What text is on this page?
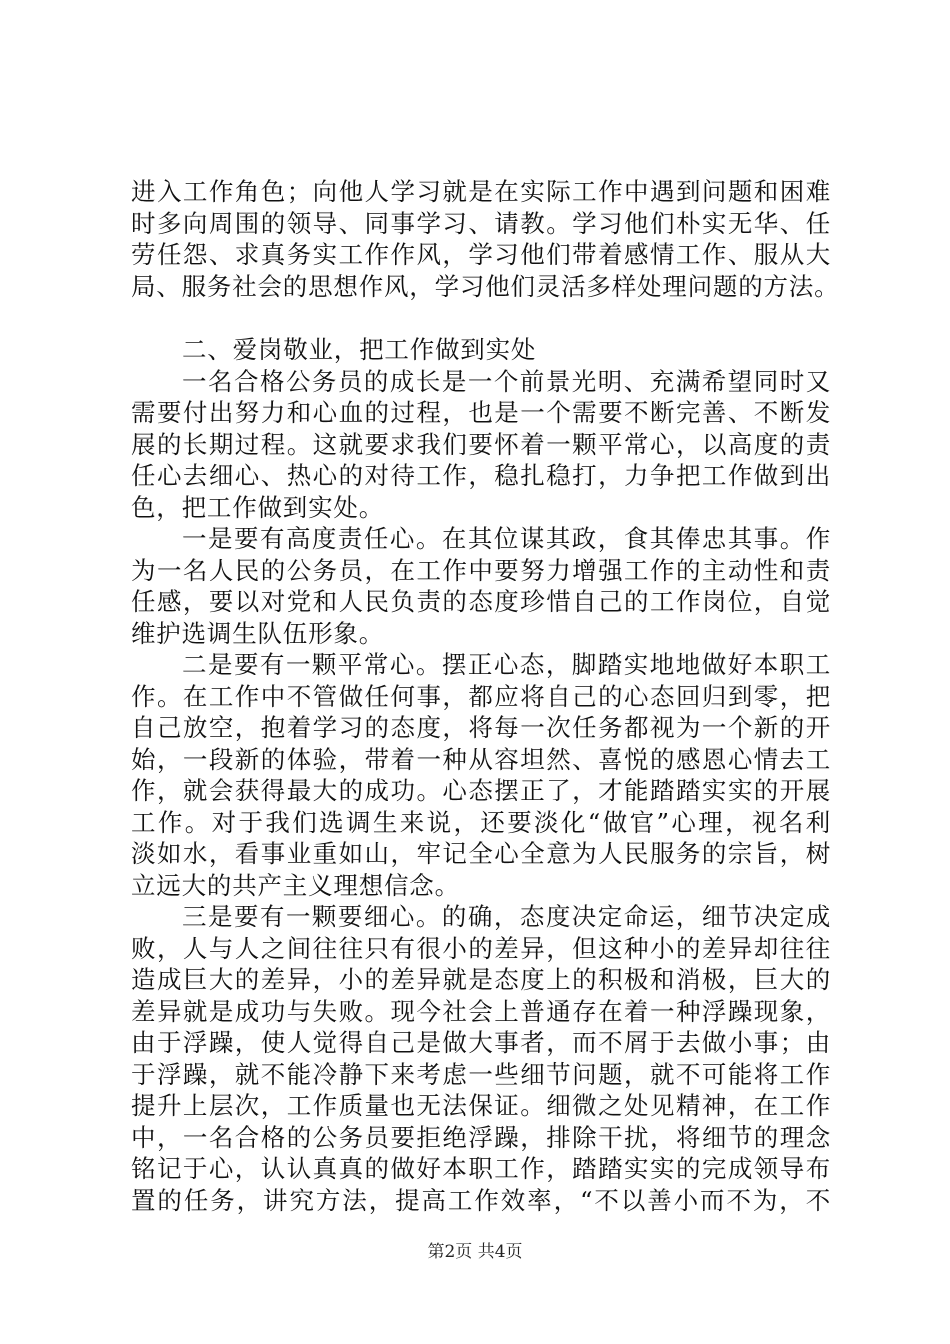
进入工作角色；向他人学习就是在实际工作中遇到问题和困难
时多向周围的领导、同事学习、请教。学习他们朴实无华、任
劳任怨、求真务实工作作风，学习他们带着感情工作、服从大
局、服务社会的思想作风，学习他们灵活多样处理问题的方法。
二、爱岗敬业，把工作做到实处
一名合格公务员的成长是一个前景光明、充满希望同时又
需要付出努力和心血的过程，也是一个需要不断完善、不断发
展的长期过程。这就要求我们要怀着一颗平常心，以高度的责
任心去细心、热心的对待工作，稳扎稳打，力争把工作做到出
色，把工作做到实处。
一是要有高度责任心。在其位谋其政，食其俸忠其事。作
为一名人民的公务员，在工作中要努力增强工作的主动性和责
任感，要以对党和人民负责的态度珍惜自己的工作岗位，自觉
维护选调生队伍形象。
二是要有一颗平常心。摆正心态，脚踏实地地做好本职工
作。在工作中不管做任何事，都应将自己的心态回归到零，把
自己放空，抱着学习的态度，将每一次任务都视为一个新的开
始，一段新的体验，带着一种从容坦然、喜悦的感恩心情去工
作，就会获得最大的成功。心态摆正了，才能踏踏实实的开展
工作。对于我们选调生来说，还要淡化“做官”心理，视名利
淡如水，看事业重如山，牢记全心全意为人民服务的宗旨，树
立远大的共产主义理想信念。
三是要有一颗要细心。的确，态度决定命运，细节决定成
败，人与人之间往往只有很小的差异，但这种小的差异却往往
造成巨大的差异，小的差异就是态度上的积极和消极，巨大的
差异就是成功与失败。现今社会上普通存在着一种浮躁现象，
由于浮躁，使人觉得自己是做大事者，而不屑于去做小事；由
于浮躁，就不能冷静下来考虑一些细节问题，就不可能将工作
提升上层次，工作质量也无法保证。细微之处见精神，在工作
中，一名合格的公务员要拒绝浮躁，排除干扰，将细节的理念
铭记于心，认认真真的做好本职工作，踏踏实实的完成领导布
置的任务，讲究方法，提高工作效率，“不以善小而不为，不
第2页 共4页
